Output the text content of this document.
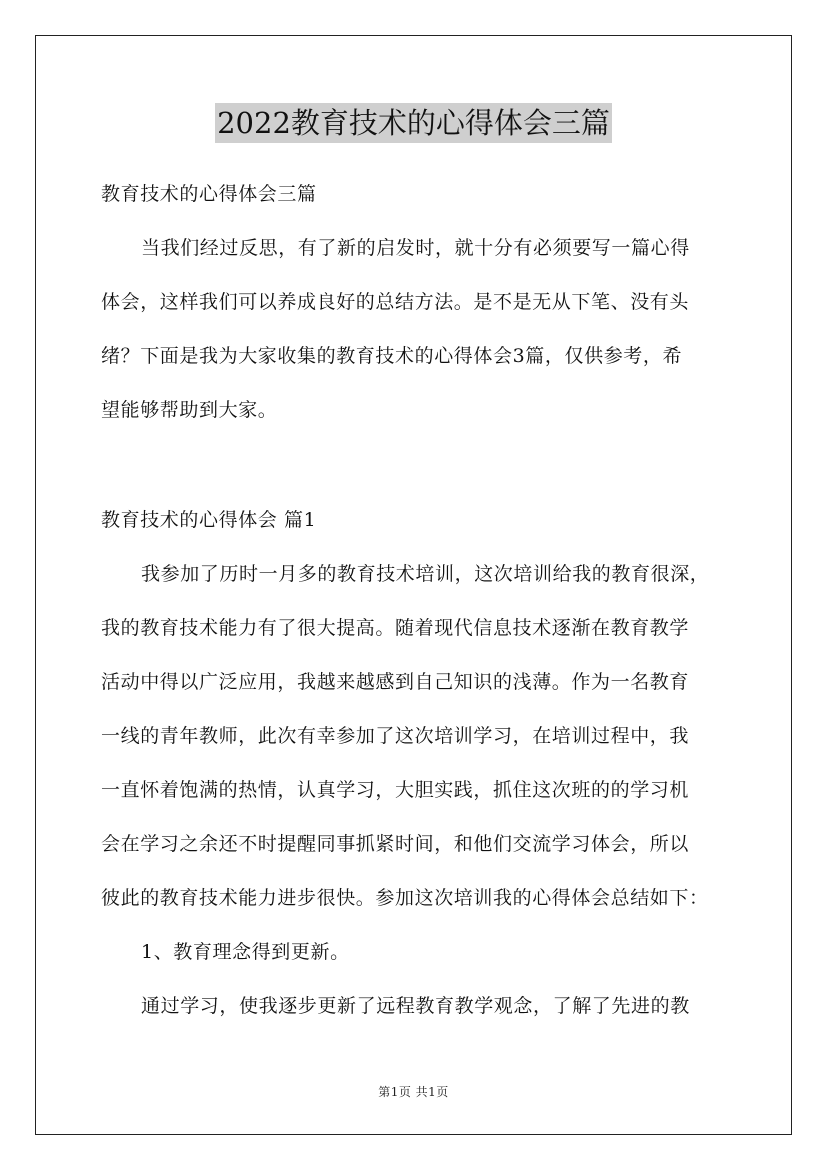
2022教育技术的心得体会三篇
教育技术的心得体会三篇
当我们经过反思，有了新的启发时，就十分有必须要写一篇心得
体会，这样我们可以养成良好的总结方法。是不是无从下笔、没有头
绪？下面是我为大家收集的教育技术的心得体会3篇，仅供参考，希
望能够帮助到大家。
教育技术的心得体会 篇1
我参加了历时一月多的教育技术培训，这次培训给我的教育很深，
我的教育技术能力有了很大提高。随着现代信息技术逐渐在教育教学
活动中得以广泛应用，我越来越感到自己知识的浅薄。作为一名教育
一线的青年教师，此次有幸参加了这次培训学习，在培训过程中，我
一直怀着饱满的热情，认真学习，大胆实践，抓住这次班的的学习机
会在学习之余还不时提醒同事抓紧时间，和他们交流学习体会，所以
彼此的教育技术能力进步很快。参加这次培训我的心得体会总结如下：
1、教育理念得到更新。
通过学习，使我逐步更新了远程教育教学观念，了解了先进的教
第1页 共1页
